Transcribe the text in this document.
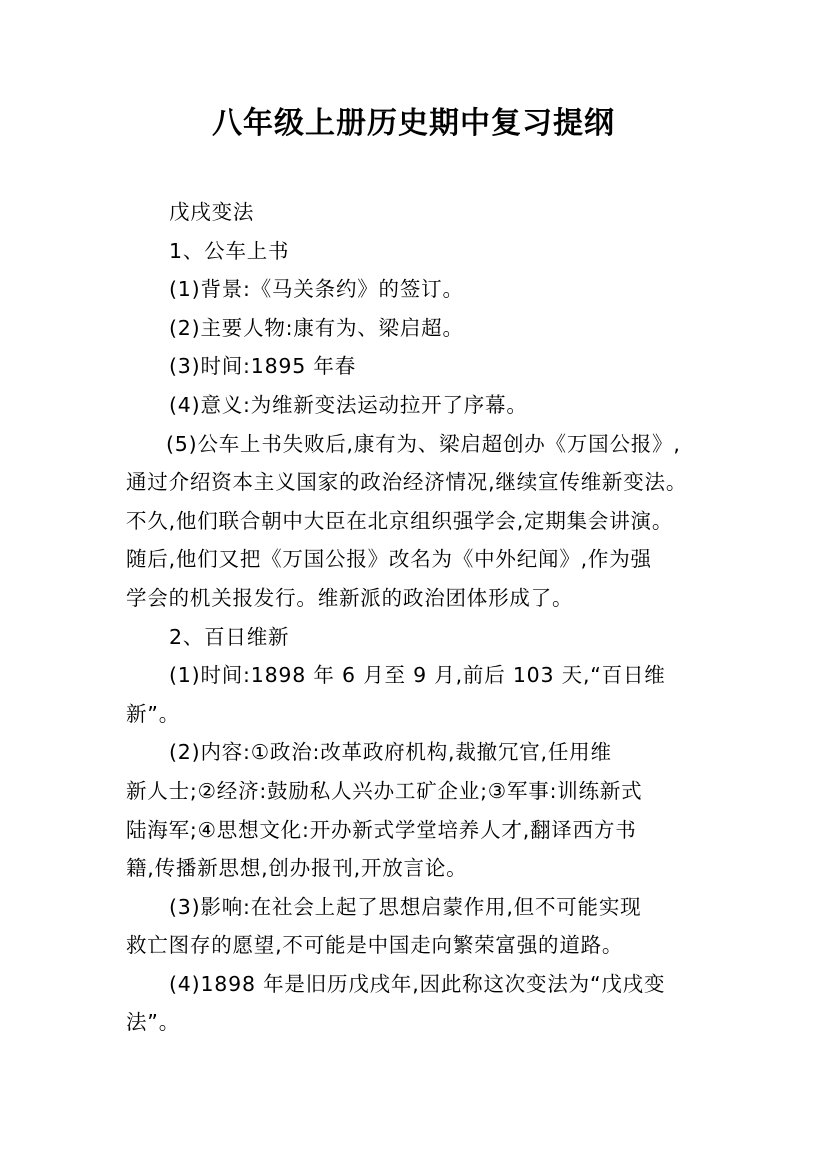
八年级上册历史期中复习提纲
戊戌变法
1、公车上书
(1)背景:《马关条约》的签订。
(2)主要人物:康有为、梁启超。
(3)时间:1895 年春
(4)意义:为维新变法运动拉开了序幕。
(5)公车上书失败后,康有为、梁启超创办《万国公报》,
通过介绍资本主义国家的政治经济情况,继续宣传维新变法。
不久,他们联合朝中大臣在北京组织强学会,定期集会讲演。
随后,他们又把《万国公报》改名为《中外纪闻》,作为强
学会的机关报发行。维新派的政治团体形成了。
2、百日维新
(1)时间:1898 年 6 月至 9 月,前后 103 天,“百日维
新”。
(2)内容:①政治:改革政府机构,裁撤冗官,任用维
新人士;②经济:鼓励私人兴办工矿企业;③军事:训练新式
陆海军;④思想文化:开办新式学堂培养人才,翻译西方书
籍,传播新思想,创办报刊,开放言论。
(3)影响:在社会上起了思想启蒙作用,但不可能实现
救亡图存的愿望,不可能是中国走向繁荣富强的道路。
(4)1898 年是旧历戊戌年,因此称这次变法为“戊戌变
法”。
